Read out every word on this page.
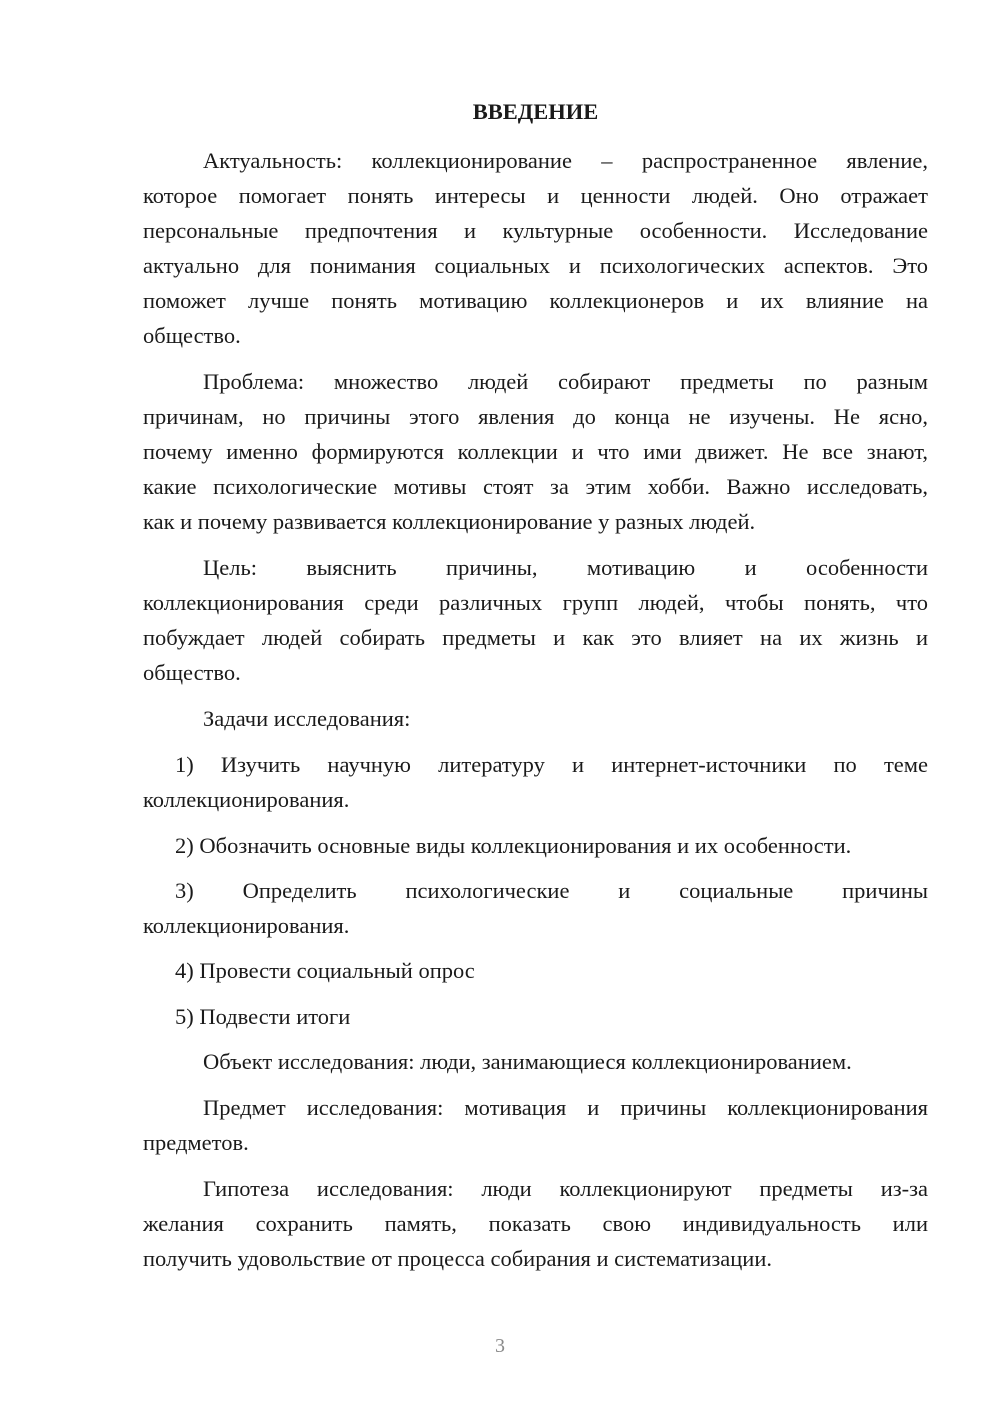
ВВЕДЕНИЕ
Актуальность: коллекционирование – распространенное явление,
которое помогает понять интересы и ценности людей. Оно отражает
персональные предпочтения и культурные особенности. Исследование
актуально для понимания социальных и психологических аспектов. Это
поможет лучше понять мотивацию коллекционеров и их влияние на
общество.
Проблема: множество людей собирают предметы по разным
причинам, но причины этого явления до конца не изучены. Не ясно,
почему именно формируются коллекции и что ими движет. Не все знают,
какие психологические мотивы стоят за этим хобби. Важно исследовать,
как и почему развивается коллекционирование у разных людей.
Цель: выяснить причины, мотивацию и особенности
коллекционирования среди различных групп людей, чтобы понять, что
побуждает людей собирать предметы и как это влияет на их жизнь и
общество.
Задачи исследования:
1) Изучить научную литературу и интернет-источники по теме
коллекционирования.
2) Обозначить основные виды коллекционирования и их особенности.
3) Определить психологические и социальные причины
коллекционирования.
4) Провести социальный опрос
5) Подвести итоги
Объект исследования: люди, занимающиеся коллекционированием.
Предмет исследования: мотивация и причины коллекционирования
предметов.
Гипотеза исследования: люди коллекционируют предметы из-за
желания сохранить память, показать свою индивидуальность или
получить удовольствие от процесса собирания и систематизации.
3
